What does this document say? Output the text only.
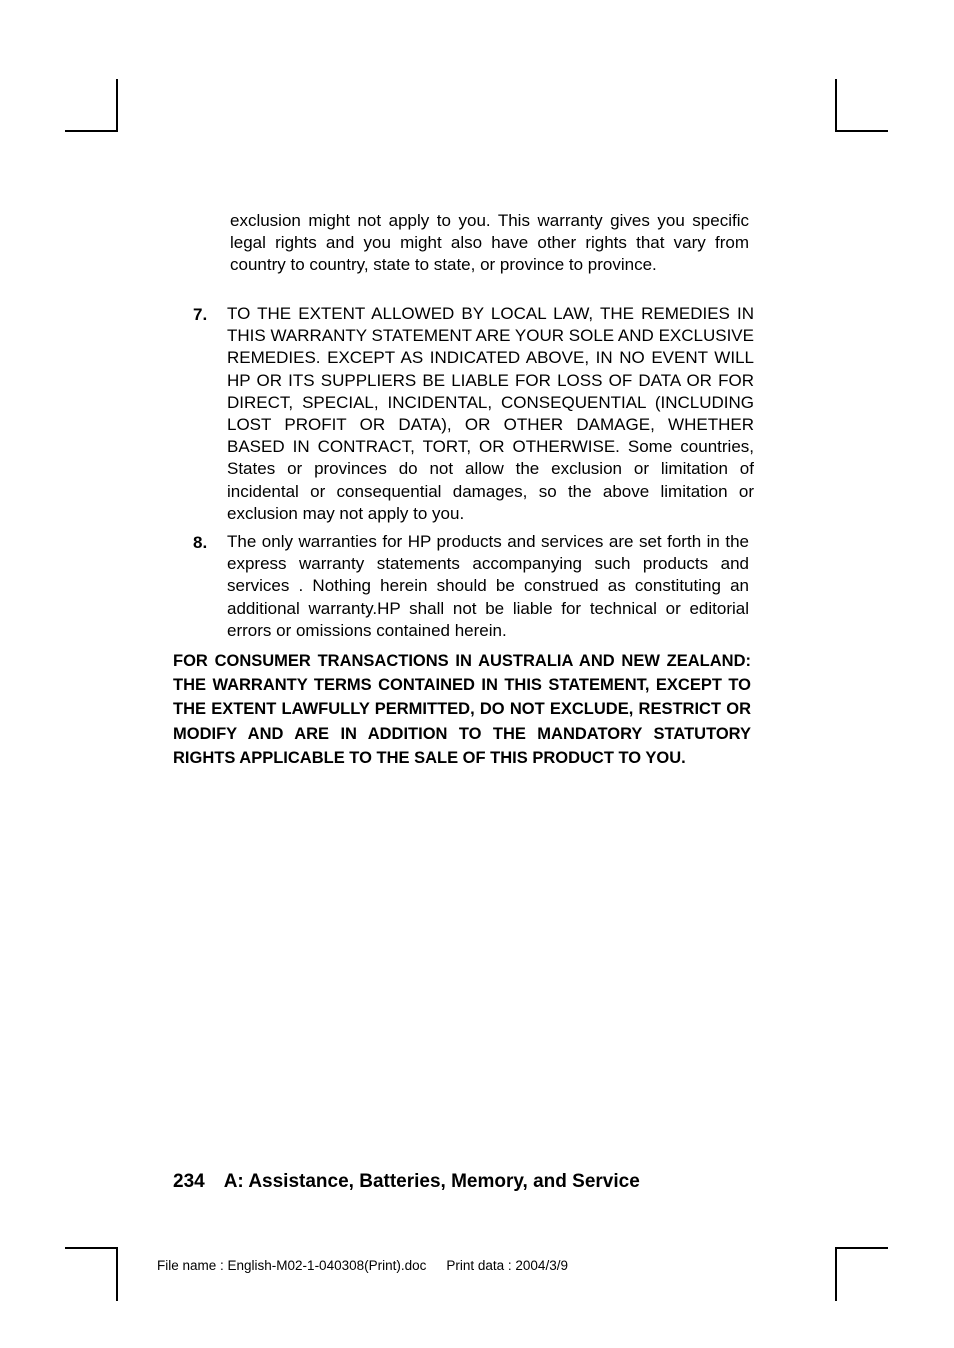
exclusion might not apply to you. This warranty gives you specific legal rights and you might also have other rights that vary from country to country, state to state, or province to province.
7. TO THE EXTENT ALLOWED BY LOCAL LAW, THE REMEDIES IN THIS WARRANTY STATEMENT ARE YOUR SOLE AND EXCLUSIVE REMEDIES. EXCEPT AS INDICATED ABOVE, IN NO EVENT WILL HP OR ITS SUPPLIERS BE LIABLE FOR LOSS OF DATA OR FOR DIRECT, SPECIAL, INCIDENTAL, CONSEQUENTIAL (INCLUDING LOST PROFIT OR DATA), OR OTHER DAMAGE, WHETHER BASED IN CONTRACT, TORT, OR OTHERWISE. Some countries, States or provinces do not allow the exclusion or limitation of incidental or consequential damages, so the above limitation or exclusion may not apply to you.
8. The only warranties for HP products and services are set forth in the express warranty statements accompanying such products and services . Nothing herein should be construed as constituting an additional warranty.HP shall not be liable for technical or editorial errors or omissions contained herein.
FOR CONSUMER TRANSACTIONS IN AUSTRALIA AND NEW ZEALAND: THE WARRANTY TERMS CONTAINED IN THIS STATEMENT, EXCEPT TO THE EXTENT LAWFULLY PERMITTED, DO NOT EXCLUDE, RESTRICT OR MODIFY AND ARE IN ADDITION TO THE MANDATORY STATUTORY RIGHTS APPLICABLE TO THE SALE OF THIS PRODUCT TO YOU.
234 A: Assistance, Batteries, Memory, and Service
File name : English-M02-1-040308(Print).doc Print data : 2004/3/9
